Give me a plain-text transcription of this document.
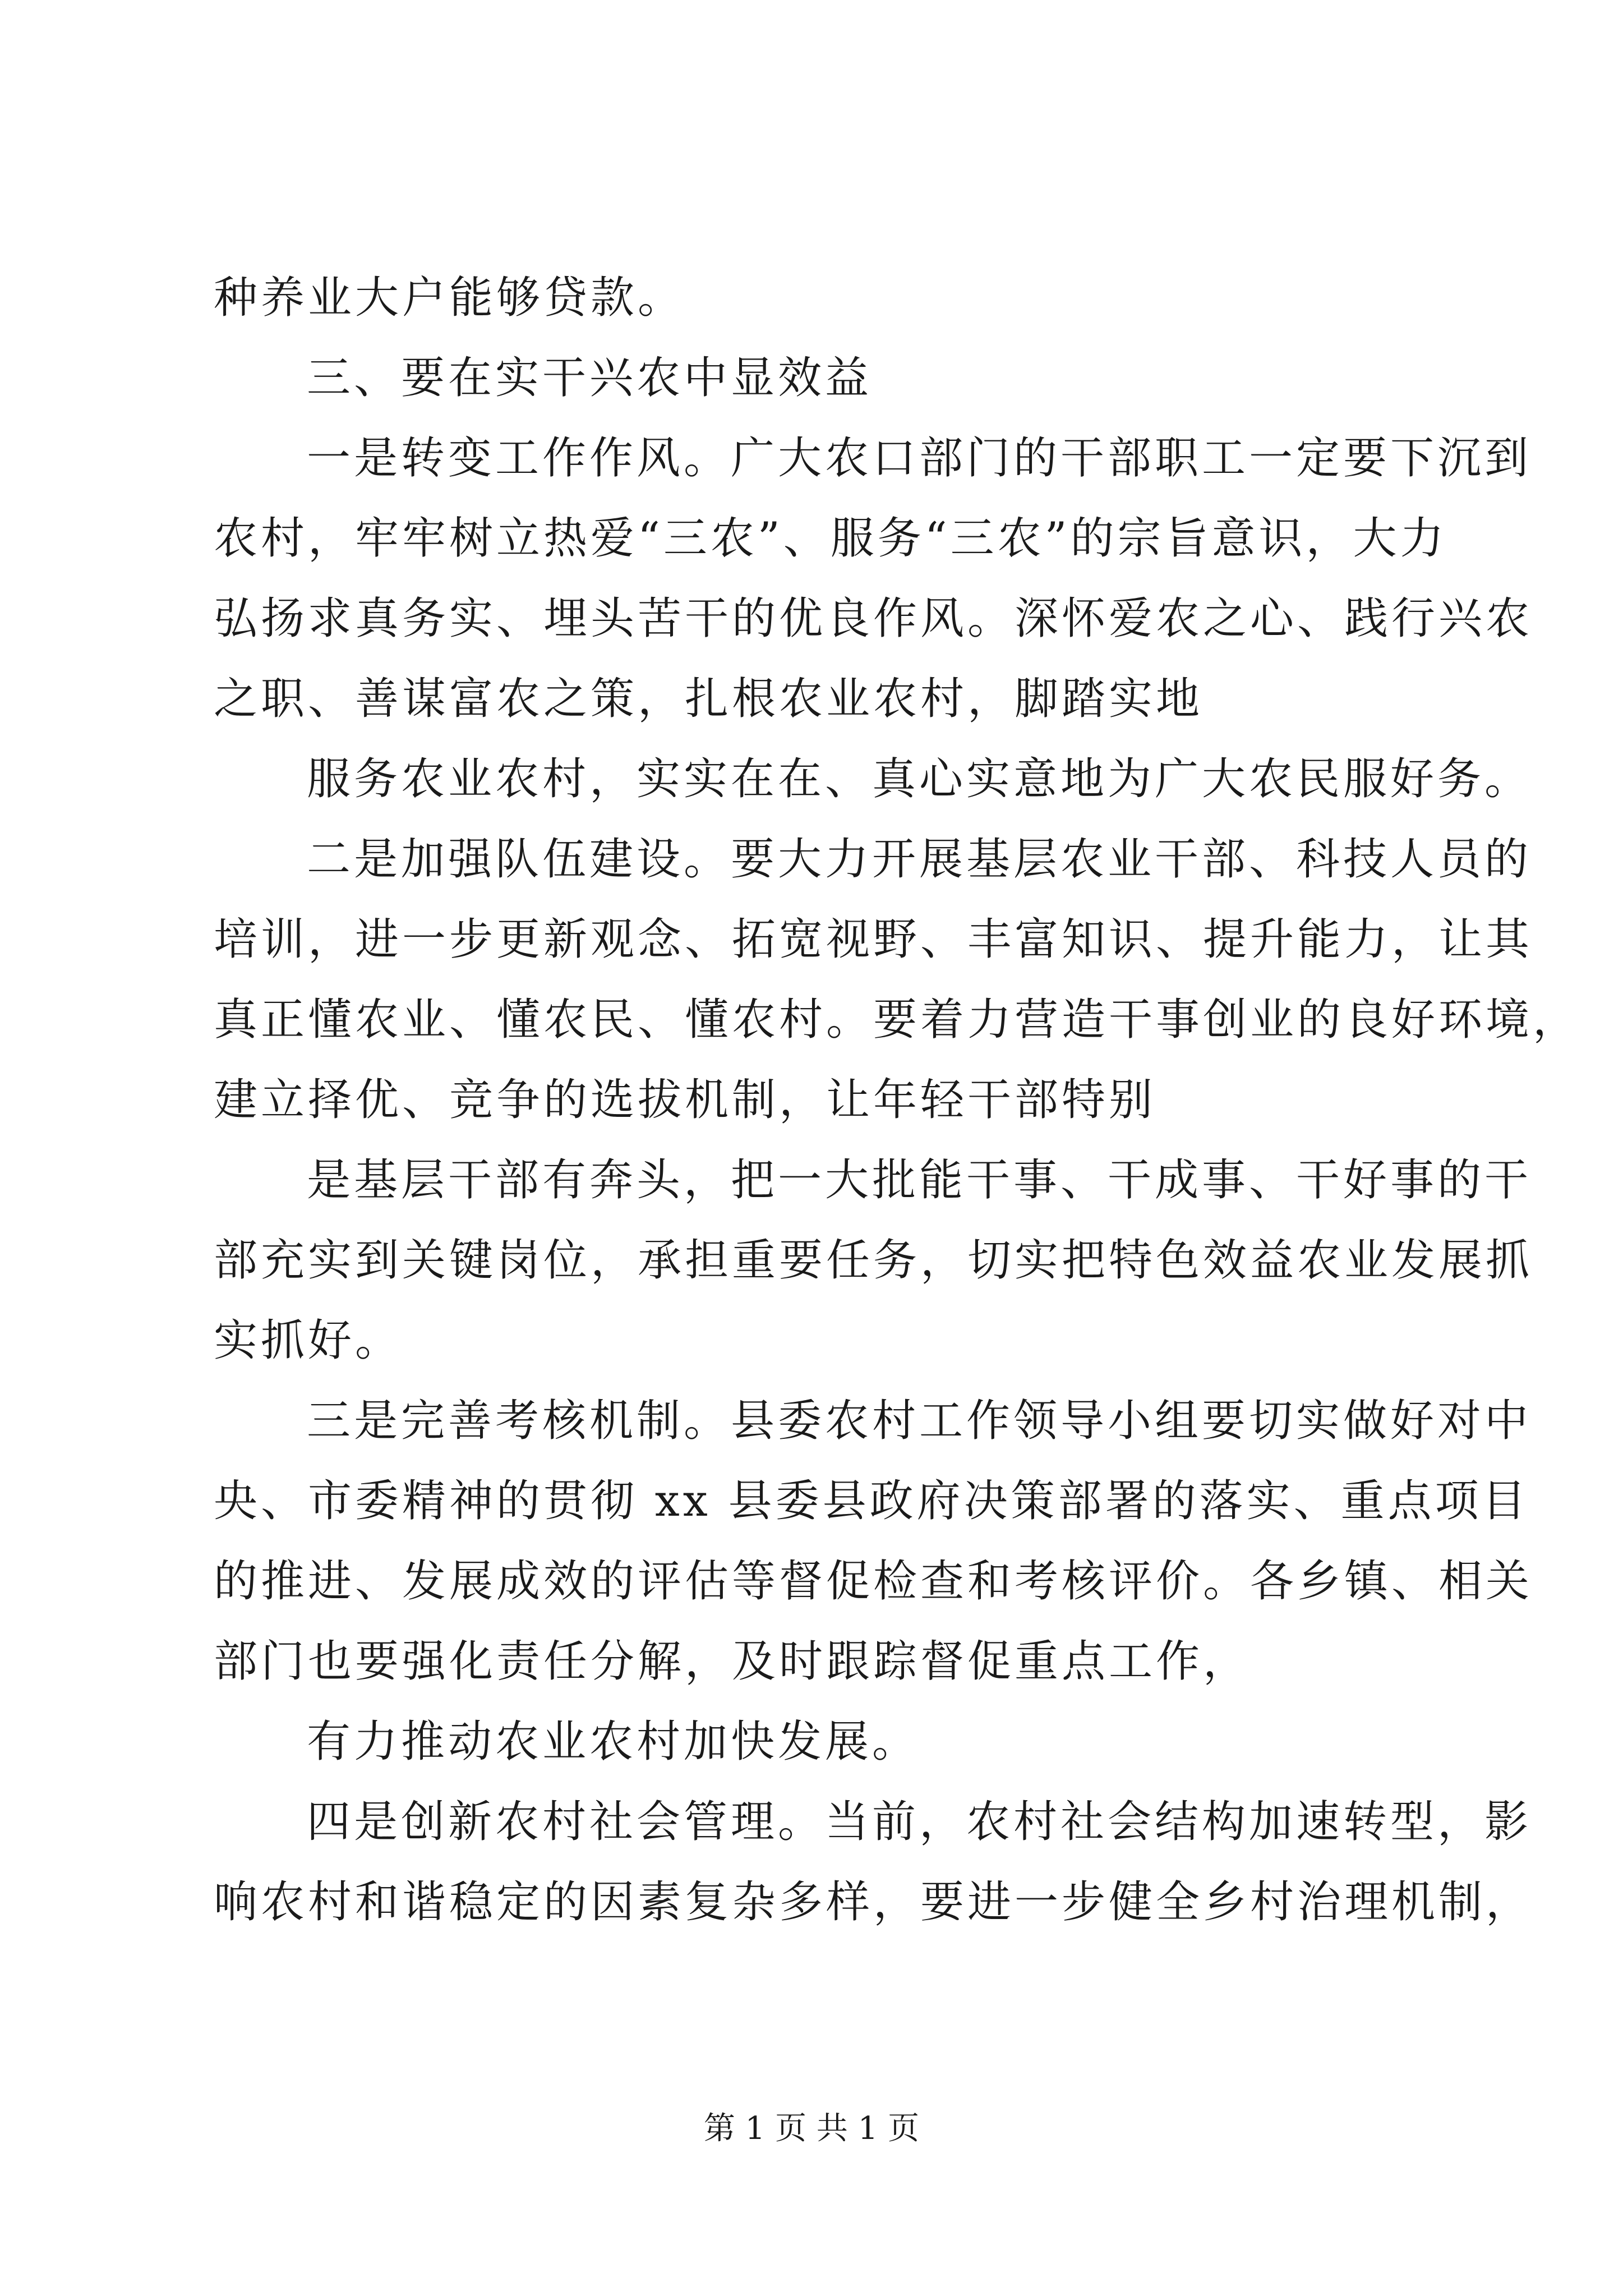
种养业大户能够贷款。
三、要在实干兴农中显效益
一是转变工作作风。广大农口部门的干部职工一定要下沉到
农村，牢牢树立热爱“三农”、服务“三农”的宗旨意识，大力
弘扬求真务实、埋头苦干的优良作风。深怀爱农之心、践行兴农
之职、善谋富农之策，扎根农业农村，脚踏实地
服务农业农村，实实在在、真心实意地为广大农民服好务。
二是加强队伍建设。要大力开展基层农业干部、科技人员的
培训，进一步更新观念、拓宽视野、丰富知识、提升能力，让其
真正懂农业、懂农民、懂农村。要着力营造干事创业的良好环境，
建立择优、竞争的选拔机制，让年轻干部特别
是基层干部有奔头，把一大批能干事、干成事、干好事的干
部充实到关键岗位，承担重要任务，切实把特色效益农业发展抓
实抓好。
三是完善考核机制。县委农村工作领导小组要切实做好对中
央、市委精神的贯彻 xx 县委县政府决策部署的落实、重点项目
的推进、发展成效的评估等督促检查和考核评价。各乡镇、相关
部门也要强化责任分解，及时跟踪督促重点工作，
有力推动农业农村加快发展。
四是创新农村社会管理。当前，农村社会结构加速转型，影
响农村和谐稳定的因素复杂多样，要进一步健全乡村治理机制，
第 1 页 共 1 页
